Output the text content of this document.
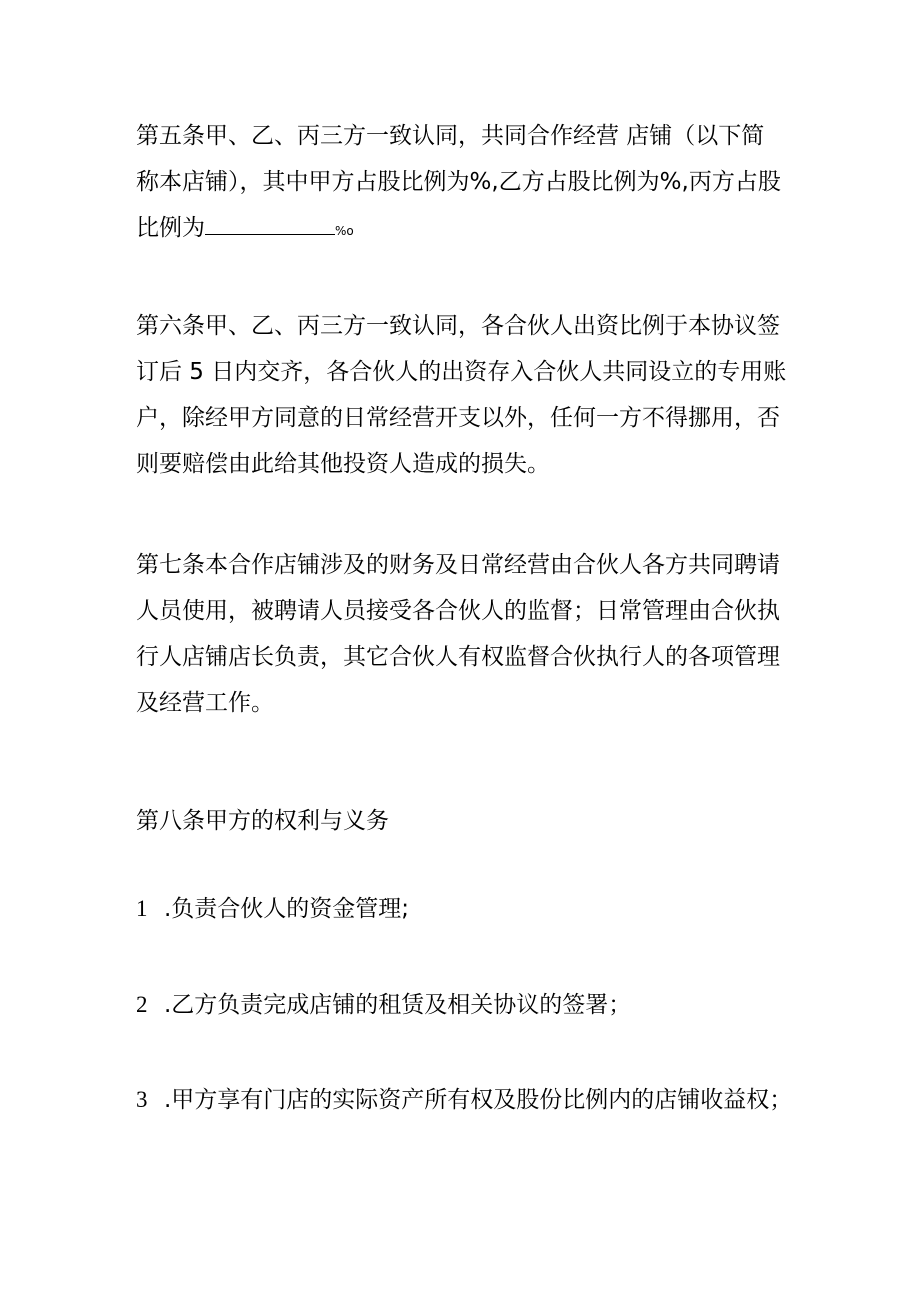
第五条甲、乙、丙三方一致认同，共同合作经营 店铺（以下简
称本店铺），其中甲方占股比例为%,乙方占股比例为%,丙方占股
比例为	%o

第六条甲、乙、丙三方一致认同，各合伙人出资比例于本协议签
订后 5 日内交齐，各合伙人的出资存入合伙人共同设立的专用账
户，除经甲方同意的日常经营开支以外，任何一方不得挪用，否
则要赔偿由此给其他投资人造成的损失。

第七条本合作店铺涉及的财务及日常经营由合伙人各方共同聘请
人员使用，被聘请人员接受各合伙人的监督；日常管理由合伙执
行人店铺店长负责，其它合伙人有权监督合伙执行人的各项管理
及经营工作。

第八条甲方的权利与义务

1 .负责合伙人的资金管理;

2 .乙方负责完成店铺的租赁及相关协议的签署；

3 .甲方享有门店的实际资产所有权及股份比例内的店铺收益权；
